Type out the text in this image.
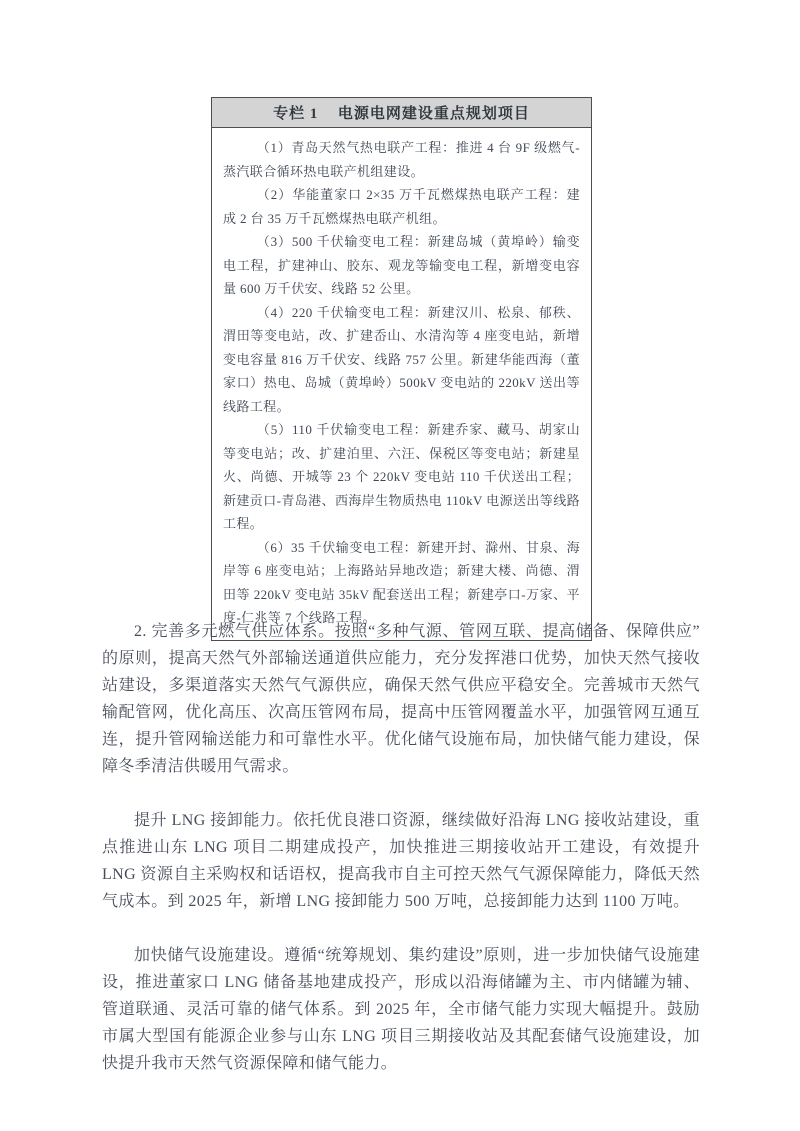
专栏 1 电源电网建设重点规划项目

（1）青岛天然气热电联产工程：推进 4 台 9F 级燃气-蒸汽联合循环热电联产机组建设。

（2）华能董家口 2×35 万千瓦燃煤热电联产工程：建成 2 台 35 万千瓦燃煤热电联产机组。

（3）500 千伏输变电工程：新建岛城（黄埠岭）输变电工程，扩建神山、胶东、观龙等输变电工程，新增变电容量 600 万千伏安、线路 52 公里。

（4）220 千伏输变电工程：新建汉川、松泉、郁秩、渭田等变电站，改、扩建岙山、水清沟等 4 座变电站，新增变电容量 816 万千伏安、线路 757 公里。新建华能西海（董家口）热电、岛城（黄埠岭）500kV 变电站的 220kV 送出等线路工程。

（5）110 千伏输变电工程：新建乔家、藏马、胡家山等变电站；改、扩建泊里、六汪、保税区等变电站；新建星火、尚德、开城等 23 个 220kV 变电站 110 千伏送出工程；新建贡口-青岛港、西海岸生物质热电 110kV 电源送出等线路工程。

（6）35 千伏输变电工程：新建开封、滁州、甘泉、海岸等 6 座变电站；上海路站异地改造；新建大楼、尚德、渭田等 220kV 变电站 35kV 配套送出工程；新建亭口-万家、平度-仁兆等 7 个线路工程。

2. 完善多元燃气供应体系。按照“多种气源、管网互联、提高储备、保障供应”的原则，提高天然气外部输送通道供应能力，充分发挥港口优势，加快天然气接收站建设，多渠道落实天然气气源供应，确保天然气供应平稳安全。完善城市天然气输配管网，优化高压、次高压管网布局，提高中压管网覆盖水平，加强管网互通互连，提升管网输送能力和可靠性水平。优化储气设施布局，加快储气能力建设，保障冬季清洁供暖用气需求。

提升 LNG 接卸能力。依托优良港口资源，继续做好沿海 LNG 接收站建设，重点推进山东 LNG 项目二期建成投产，加快推进三期接收站开工建设，有效提升 LNG 资源自主采购权和话语权，提高我市自主可控天然气气源保障能力，降低天然气成本。到 2025 年，新增 LNG 接卸能力 500 万吨，总接卸能力达到 1100 万吨。

加快储气设施建设。遵循“统筹规划、集约建设”原则，进一步加快储气设施建设，推进董家口 LNG 储备基地建成投产，形成以沿海储罐为主、市内储罐为辅、管道联通、灵活可靠的储气体系。到 2025 年，全市储气能力实现大幅提升。鼓励市属大型国有能源企业参与山东 LNG 项目三期接收站及其配套储气设施建设，加快提升我市天然气资源保障和储气能力。
